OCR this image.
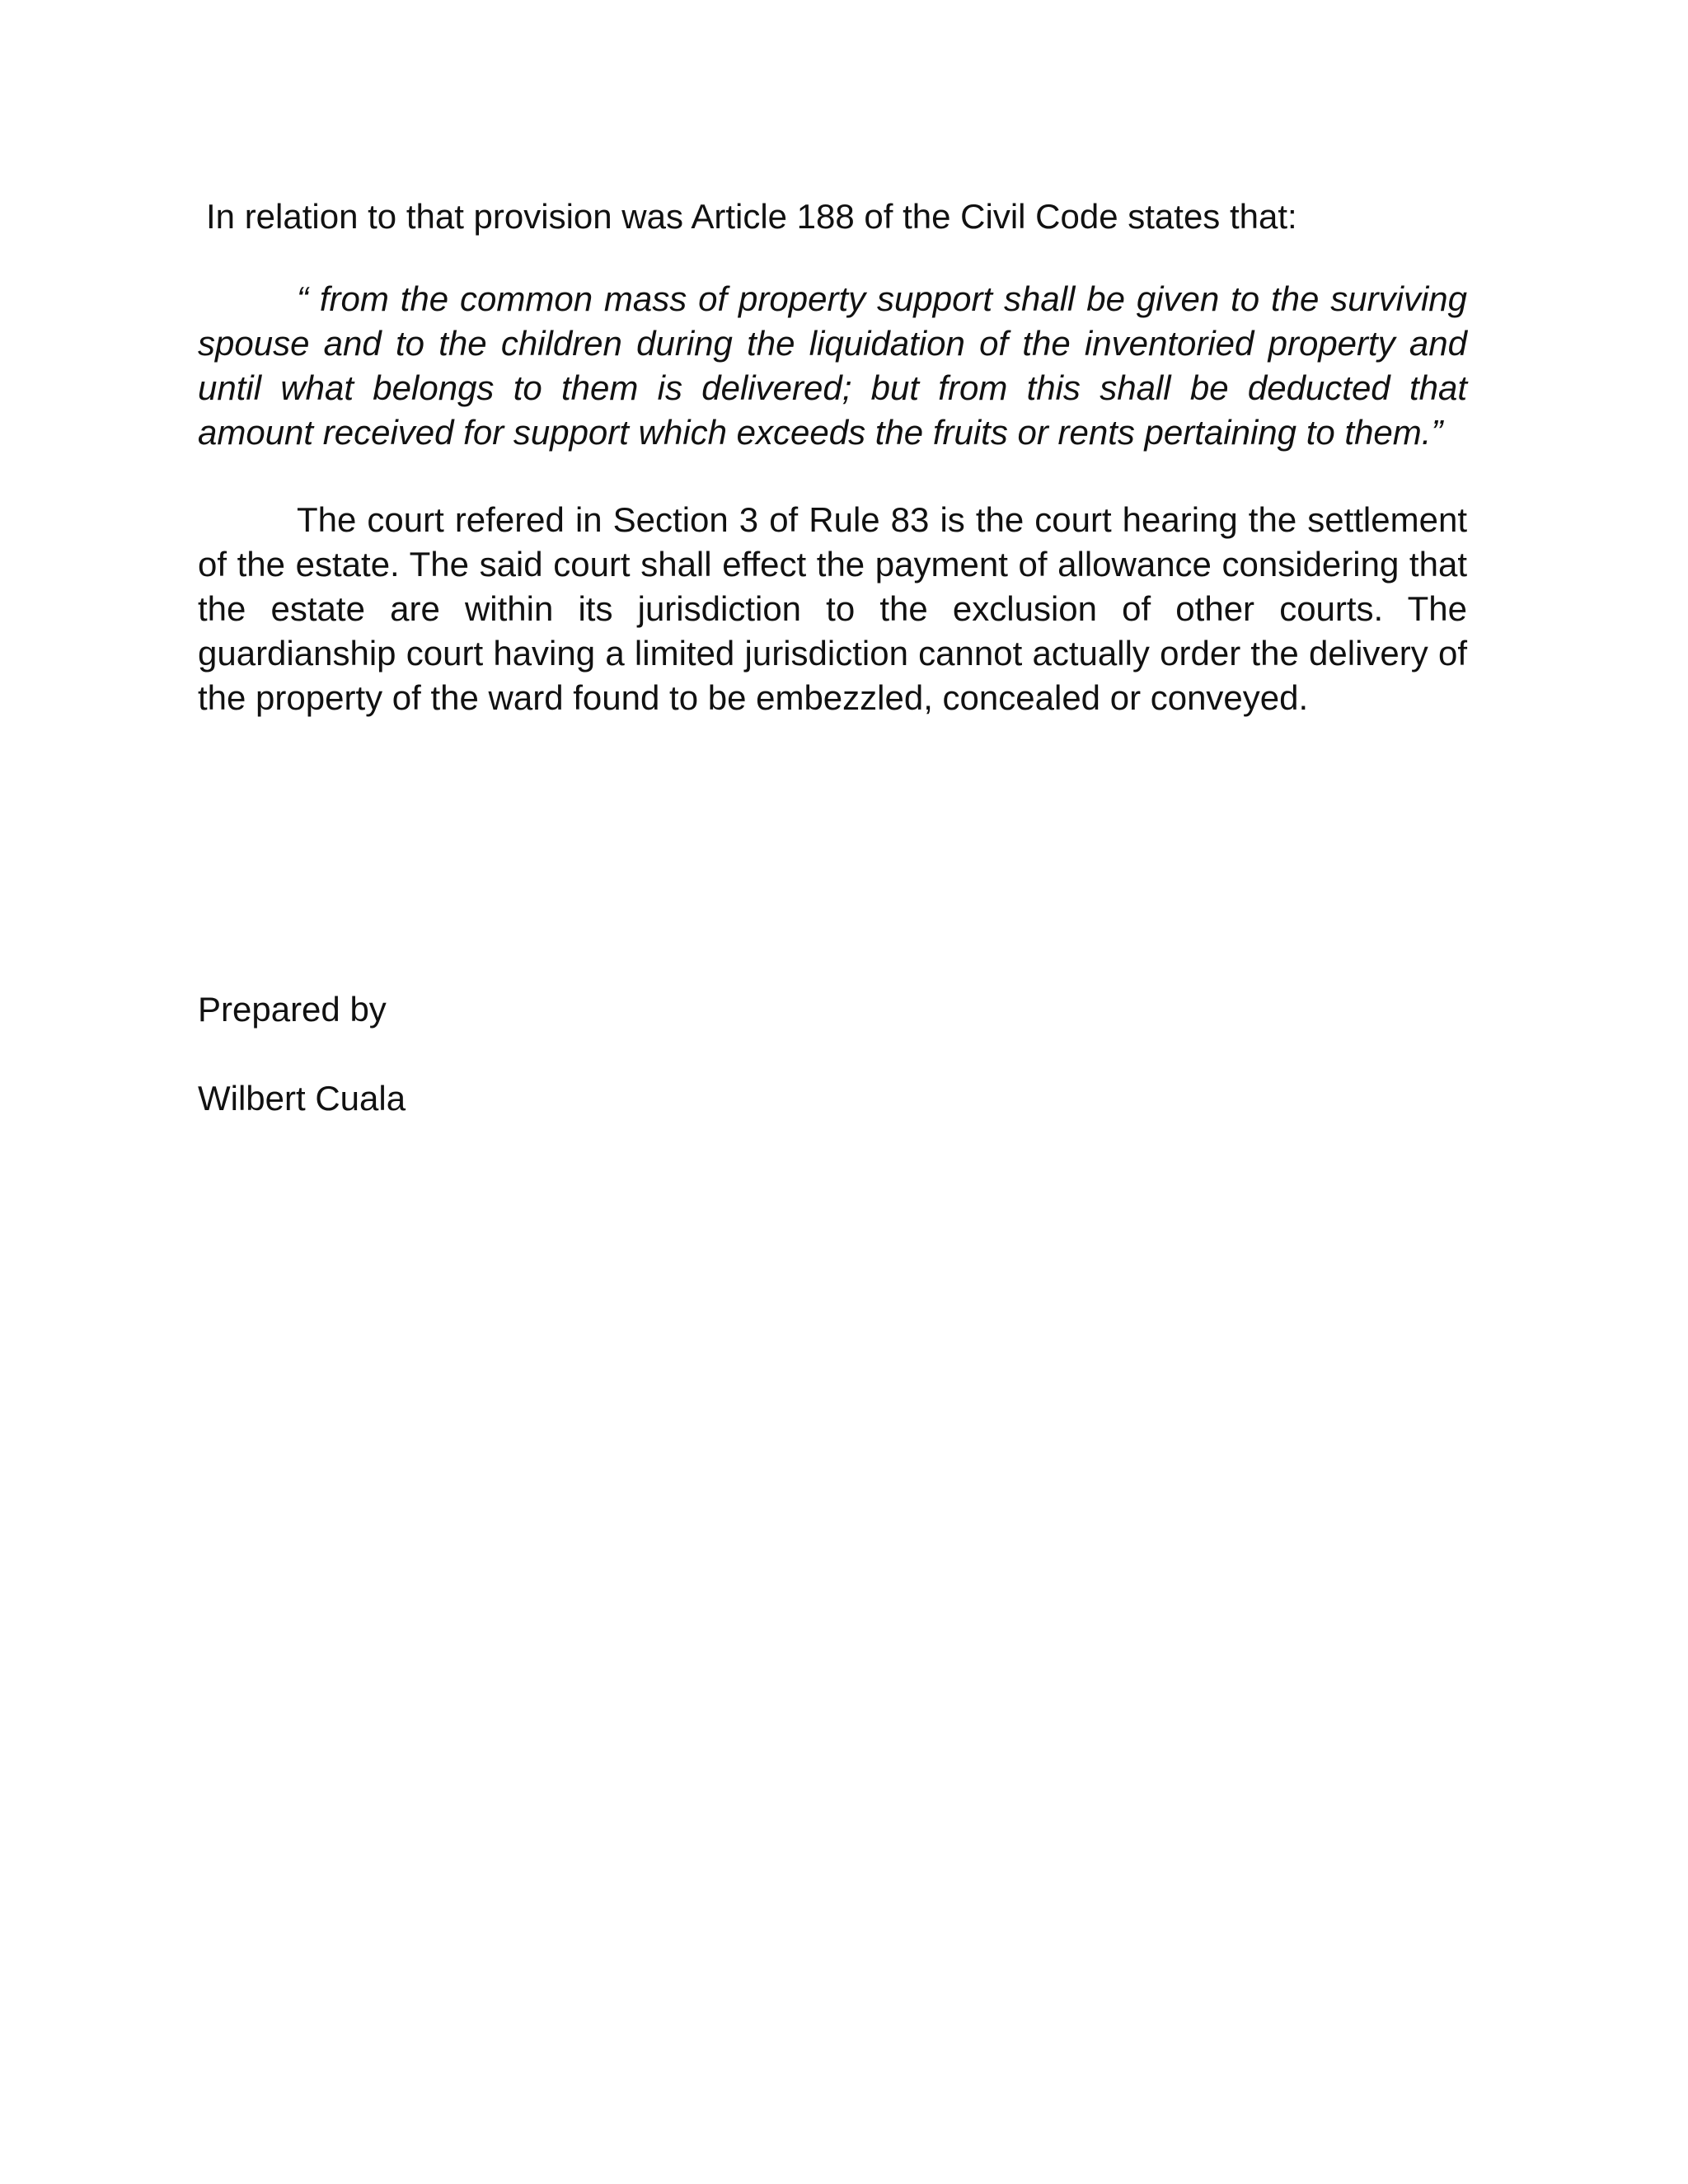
In relation to that provision was Article 188 of the Civil Code states that:

“ from the common mass of property support shall be given to the surviving spouse and to the children during the liquidation of the inventoried property and until what belongs to them is delivered; but from this shall be deducted that amount received for support which exceeds the fruits or rents pertaining to them.”

The court refered in Section 3 of Rule 83 is the court hearing the settlement of the estate. The said court shall effect the payment of allowance considering that the estate are within its jurisdiction to the exclusion of other courts. The guardianship court having a limited jurisdiction cannot actually order the delivery of the property of the ward found to be embezzled, concealed or conveyed.

Prepared by

Wilbert Cuala
